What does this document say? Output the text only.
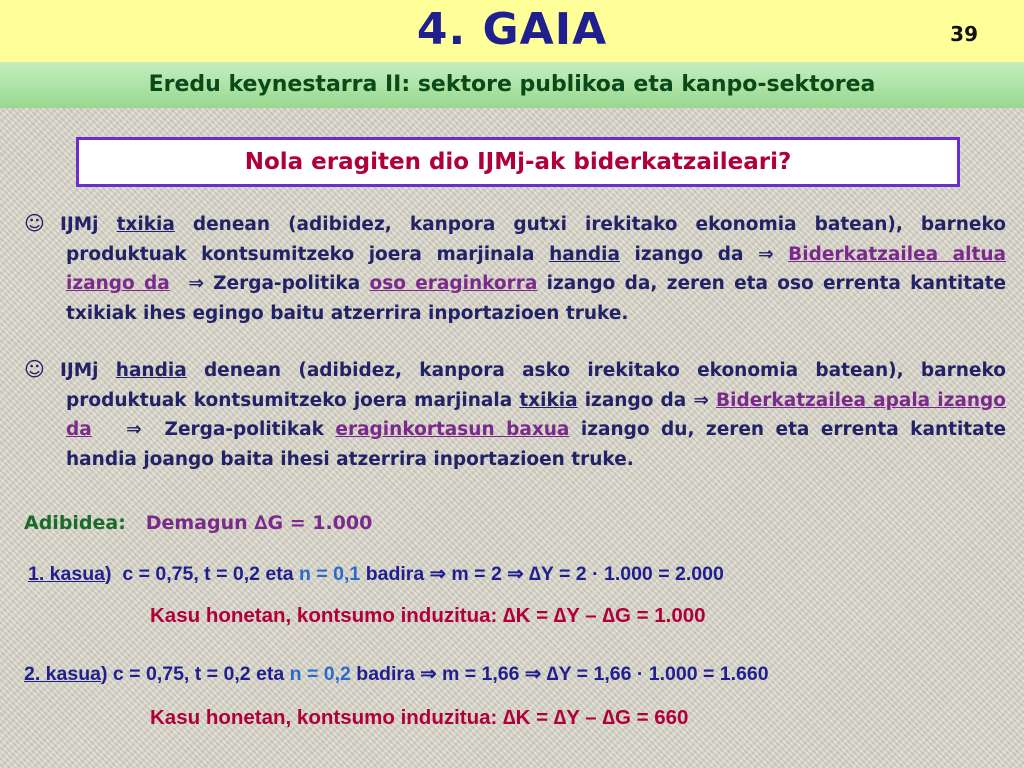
4. GAIA	39
Eredu keynestarra II: sektore publikoa eta kanpo-sektorea
Nola eragiten dio IJMj-ak biderkatzaileari?
☺ IJMj txikia denean (adibidez, kanpora gutxi irekitako ekonomia batean), barneko produktuak kontsumitzeko joera marjinala handia izango da ⇒ Biderkatzailea altua izango da ⇒ Zerga-politika oso eraginkorra izango da, zeren eta oso errenta kantitate txikiak ihes egingo baitu atzerrira inportazioen truke.
☺ IJMj handia denean (adibidez, kanpora asko irekitako ekonomia batean), barneko produktuak kontsumitzeko joera marjinala txikia izango da ⇒ Biderkatzailea apala izango da ⇒  Zerga-politikak eraginkortasun baxua izango du, zeren eta errenta kantitate handia joango baita ihesi atzerrira inportazioen truke.
Adibidea: Demagun ∆G = 1.000
1. kasua) c = 0,75, t = 0,2 eta n = 0,1 badira ⇒ m = 2 ⇒ ∆Y = 2 · 1.000 = 2.000
Kasu honetan, kontsumo induzitua: ∆K = ∆Y – ∆G = 1.000
2. kasua) c = 0,75, t = 0,2 eta n = 0,2 badira ⇒ m = 1,66 ⇒ ∆Y = 1,66 · 1.000 = 1.660
Kasu honetan, kontsumo induzitua: ∆K = ∆Y – ∆G = 660
